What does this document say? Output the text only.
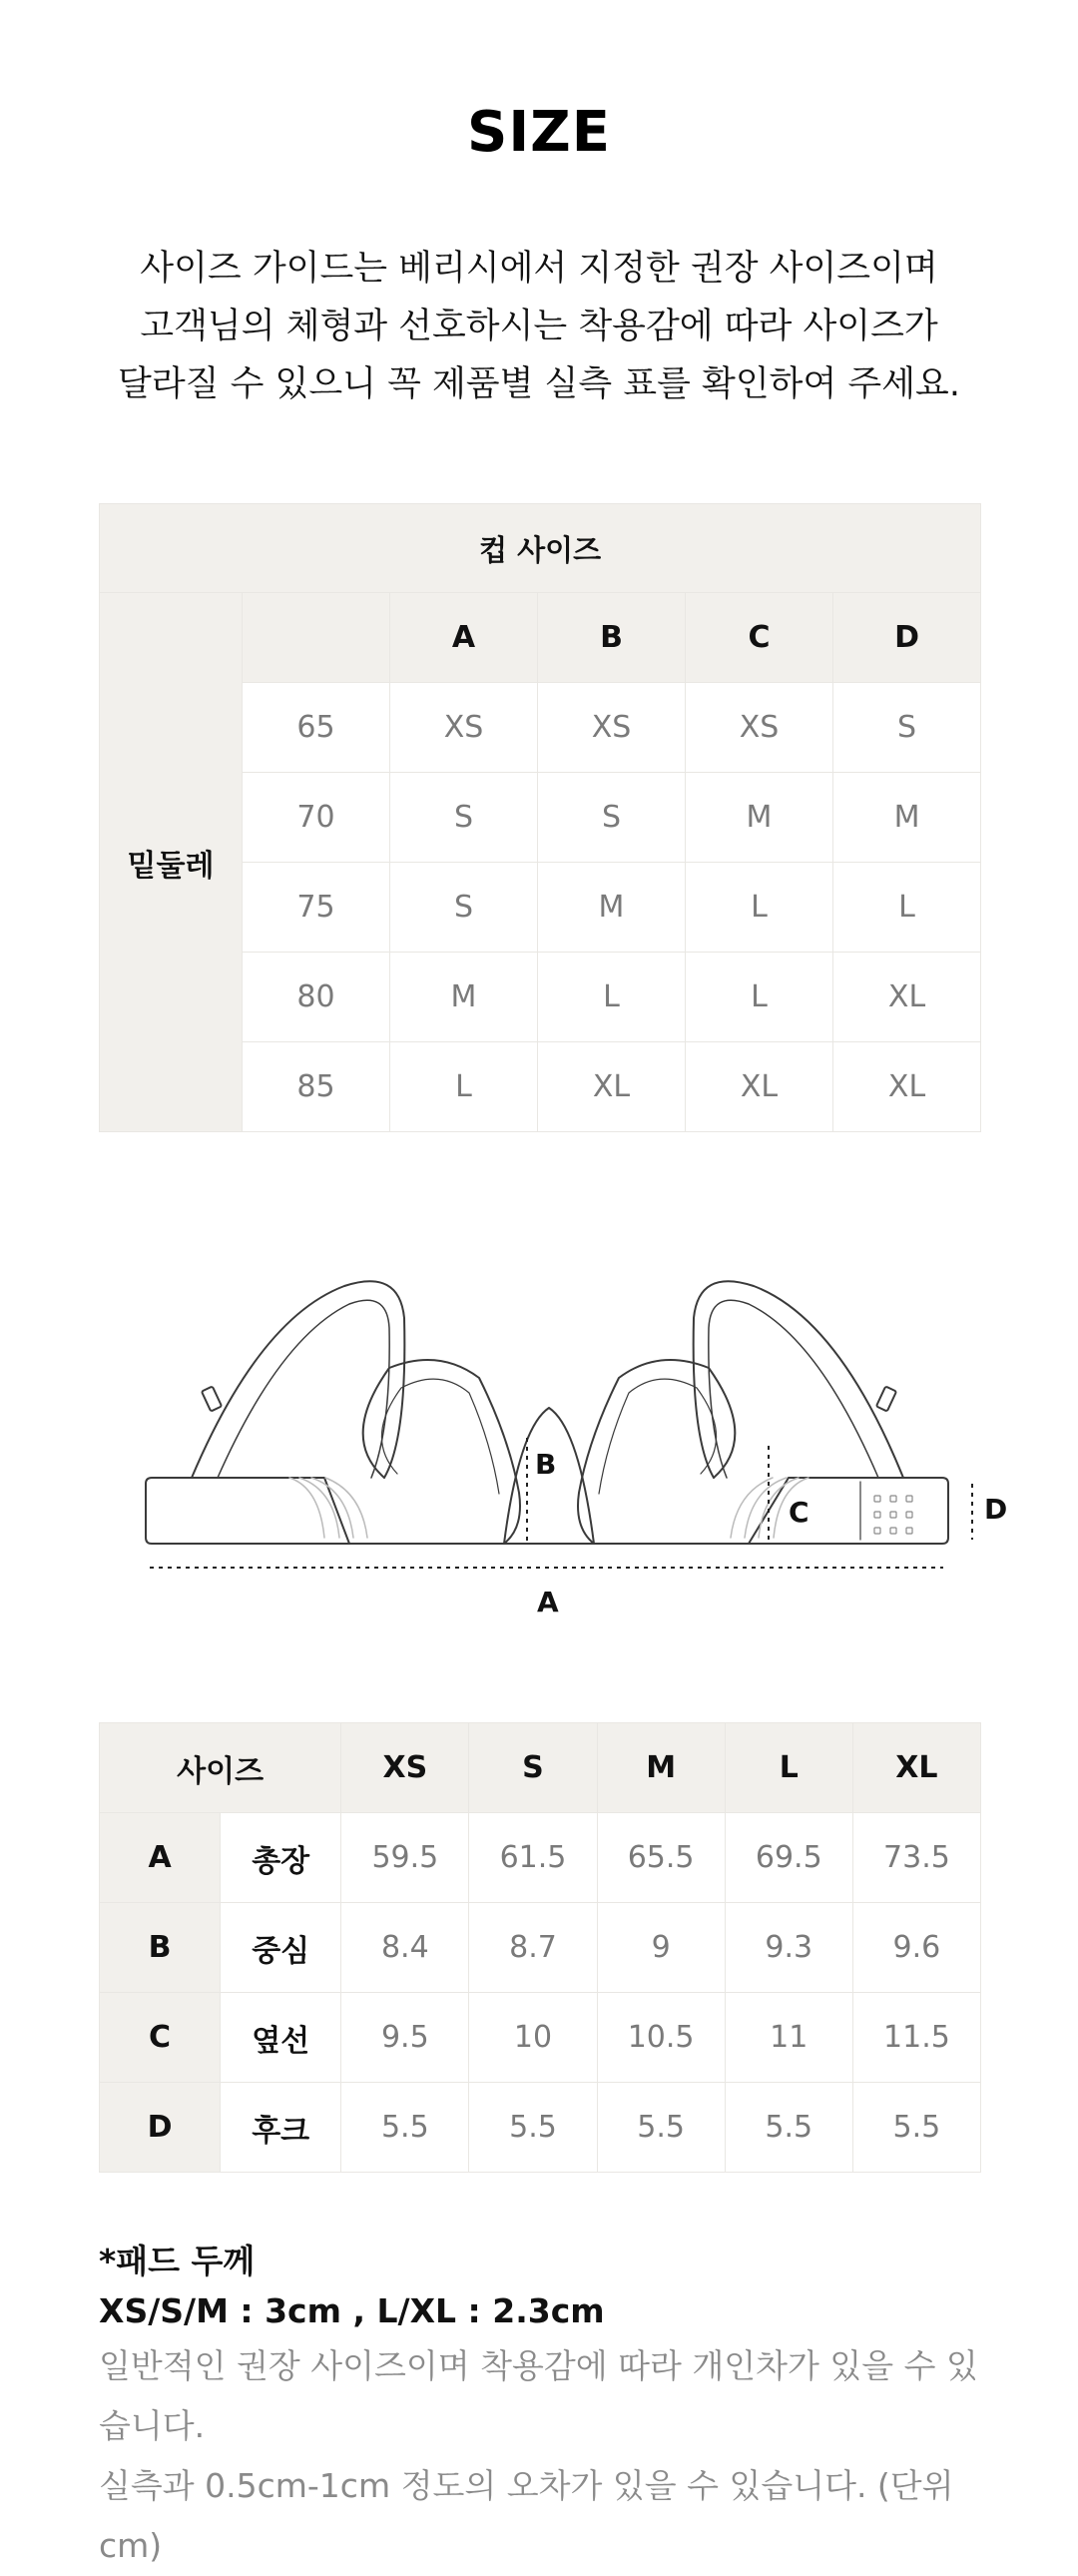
SIZE
사이즈 가이드는 베리시에서 지정한 권장 사이즈이며
고객님의 체형과 선호하시는 착용감에 따라 사이즈가
달라질 수 있으니 꼭 제품별 실측 표를 확인하여 주세요.
컵 사이즈					
밑둘레		A	B	C	D
	65	XS	XS	XS	S
	70	S	S	M	M
	75	S	M	L	L
	80	M	L	L	XL
	85	L	XL	XL	XL
A
B
C	D
사이즈		XS	S	M	L	XL
A	총장	59.5	61.5	65.5	69.5	73.5
B	중심	8.4	8.7	9	9.3	9.6
C	옆선	9.5	10	10.5	11	11.5
D	후크	5.5	5.5	5.5	5.5	5.5
*패드 두께
XS/S/M : 3cm , L/XL : 2.3cm
일반적인 권장 사이즈이며 착용감에 따라 개인차가 있을 수 있습니다.
실측과 0.5cm-1cm 정도의 오차가 있을 수 있습니다. (단위cm)
